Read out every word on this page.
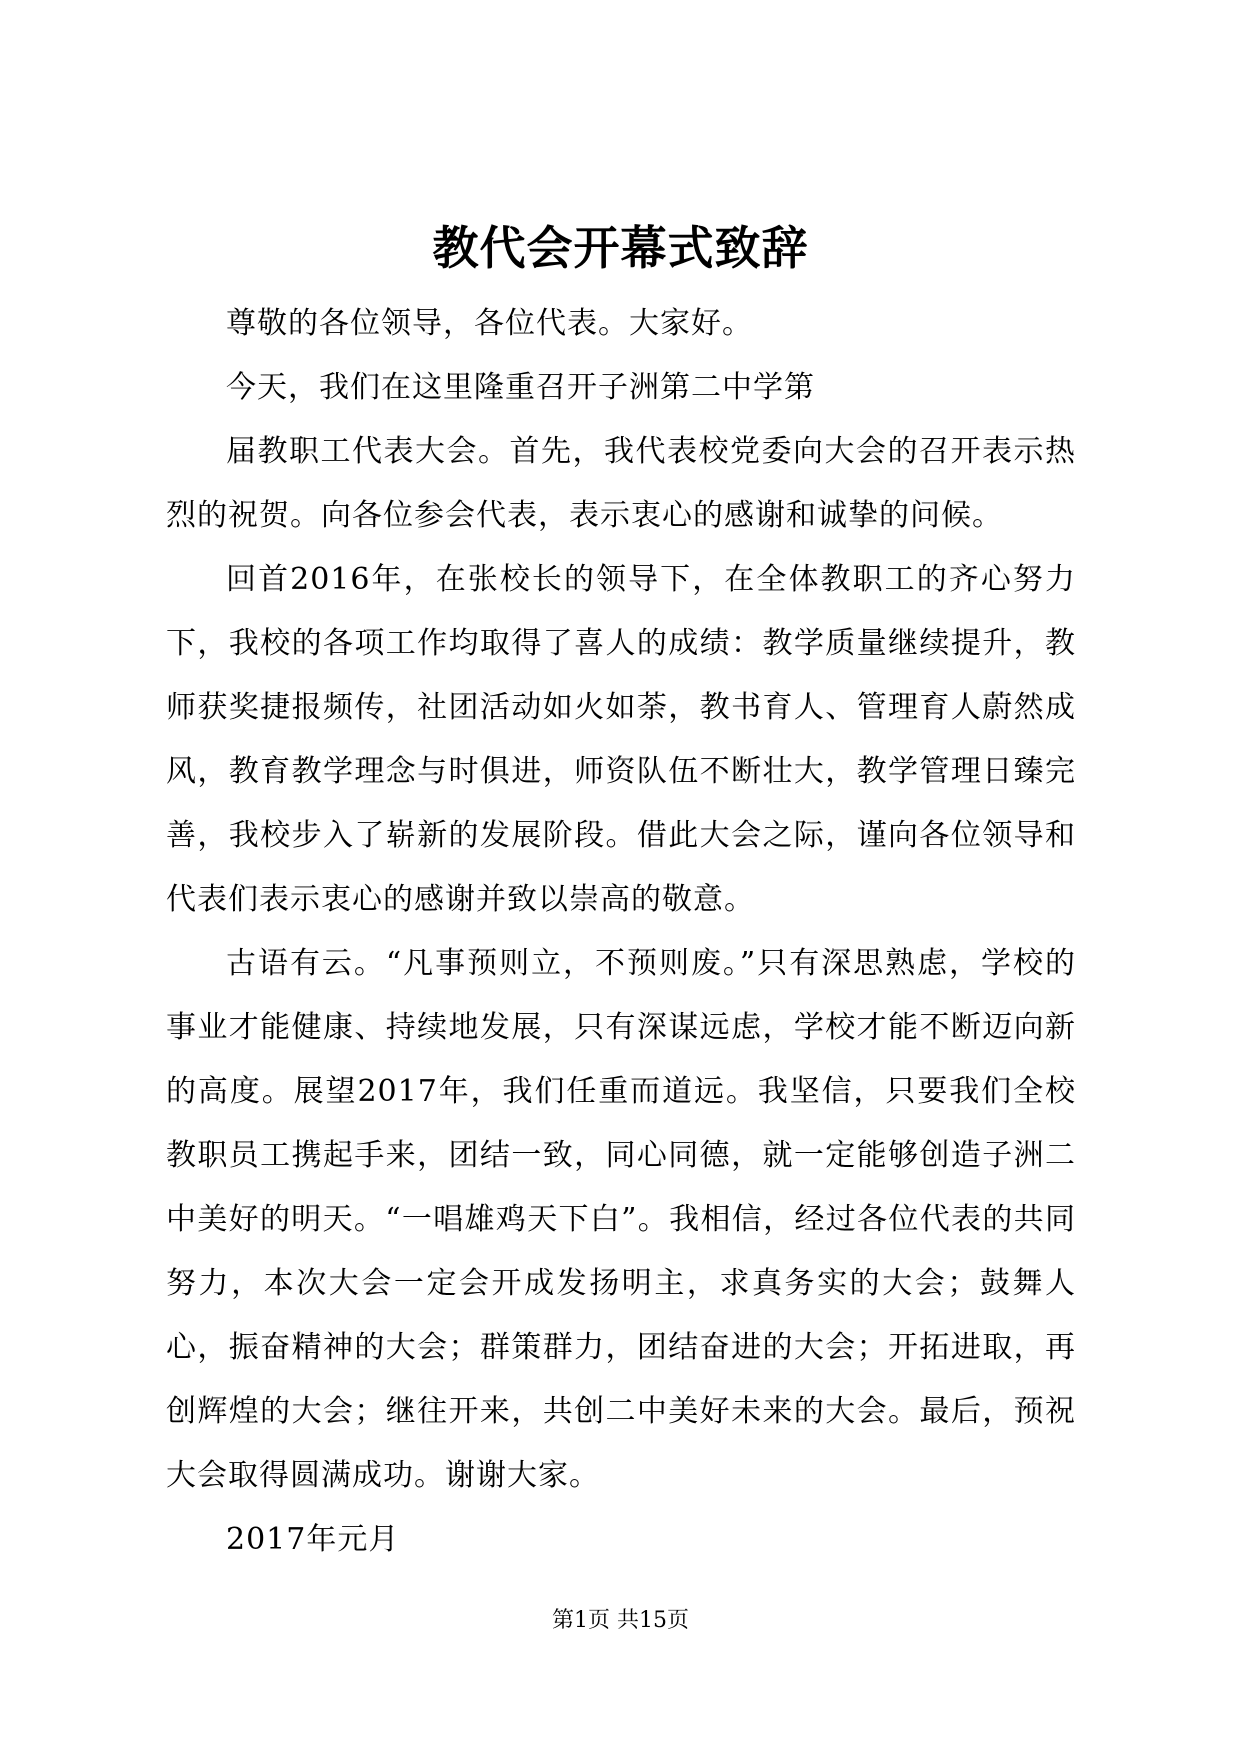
教代会开幕式致辞

尊敬的各位领导，各位代表。大家好。

今天，我们在这里隆重召开子洲第二中学第

届教职工代表大会。首先，我代表校党委向大会的召开表示热烈的祝贺。向各位参会代表，表示衷心的感谢和诚挚的问候。

回首2016年，在张校长的领导下，在全体教职工的齐心努力下，我校的各项工作均取得了喜人的成绩：教学质量继续提升，教师获奖捷报频传，社团活动如火如荼，教书育人、管理育人蔚然成风，教育教学理念与时俱进，师资队伍不断壮大，教学管理日臻完善，我校步入了崭新的发展阶段。借此大会之际，谨向各位领导和代表们表示衷心的感谢并致以崇高的敬意。

古语有云。“凡事预则立，不预则废。”只有深思熟虑，学校的事业才能健康、持续地发展，只有深谋远虑，学校才能不断迈向新的高度。展望2017年，我们任重而道远。我坚信，只要我们全校教职员工携起手来，团结一致，同心同德，就一定能够创造子洲二中美好的明天。“一唱雄鸡天下白”。我相信，经过各位代表的共同努力，本次大会一定会开成发扬明主，求真务实的大会；鼓舞人心，振奋精神的大会；群策群力，团结奋进的大会；开拓进取，再创辉煌的大会；继往开来，共创二中美好未来的大会。最后，预祝大会取得圆满成功。谢谢大家。

2017年元月

第1页 共15页
